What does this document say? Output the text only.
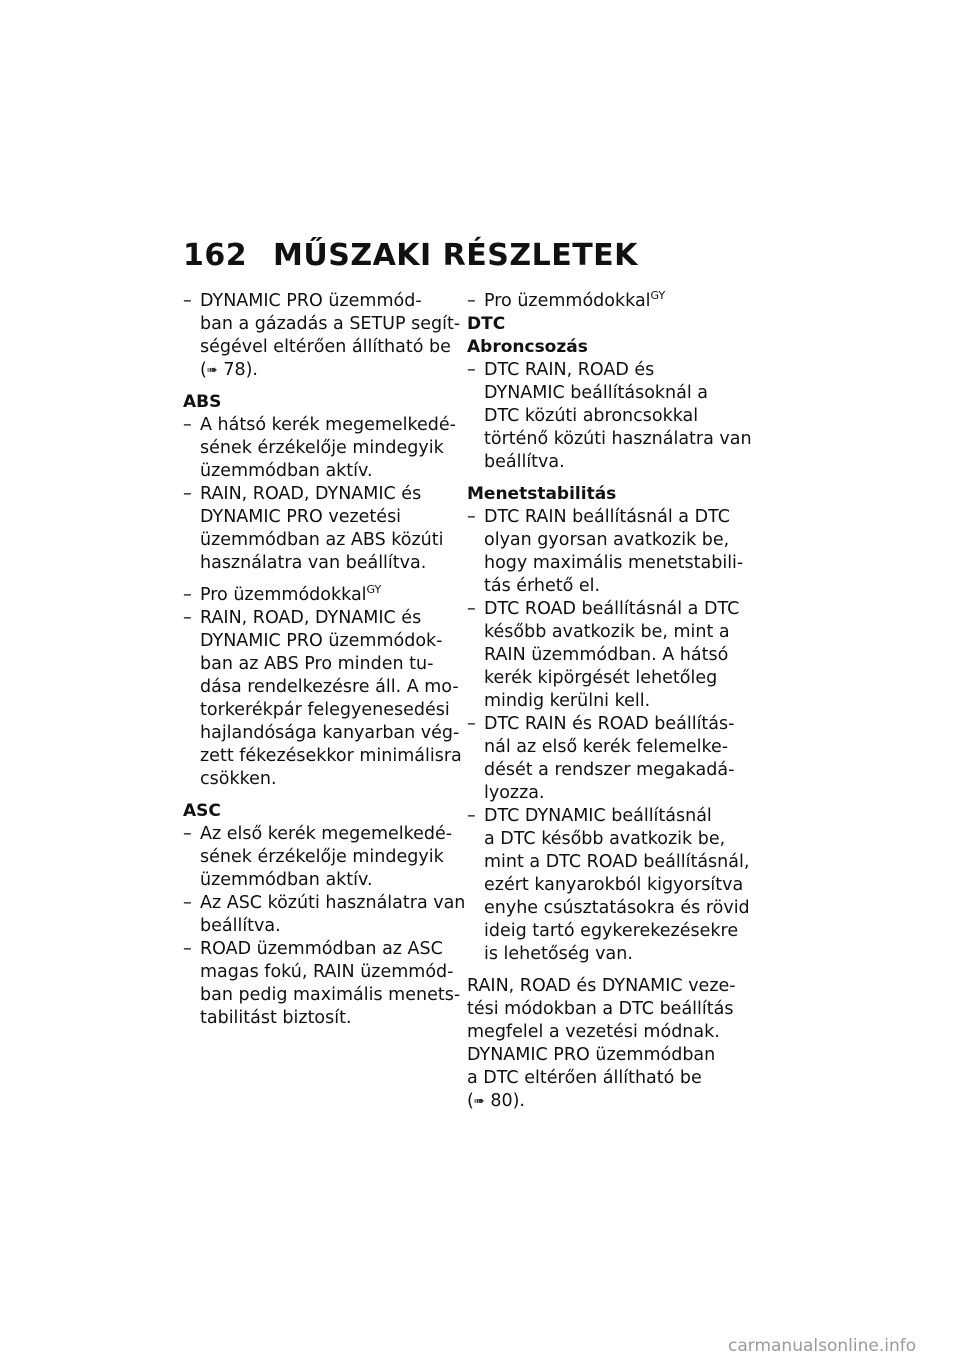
162 MŰSZAKI RÉSZLETEK
– DYNAMIC PRO üzemmód-
ban a gázadás a SETUP segít-
ségével eltérően állítható be
(➠ 78).

ABS

– A hátsó kerék megemelkedé-
sének érzékelője mindegyik
üzemmódban aktív.
– RAIN, ROAD, DYNAMIC és
DYNAMIC PRO vezetési
üzemmódban az ABS közúti
használatra van beállítva.
– Pro üzemmódokkal$^{GY}$
– RAIN, ROAD, DYNAMIC és
DYNAMIC PRO üzemmódok-
ban az ABS Pro minden tu-
dása rendelkezésre áll. A mo-
torkerékpár felegyenesedési
hajlandósága kanyarban vég-
zett fékezésekkor minimálisra
csökken.

ASC

– Az első kerék megemelkedé-
sének érzékelője mindegyik
üzemmódban aktív.
– Az ASC közúti használatra van
beállítva.
– ROAD üzemmódban az ASC
magas fokú, RAIN üzemmód-
ban pedig maximális menets-
tabilitást biztosít.
– Pro üzemmódokkal$^{GY}$

DTC

Abroncsozás

– DTC RAIN, ROAD és
DYNAMIC beállításoknál a
DTC közúti abroncsokkal
történő közúti használatra van
beállítva.

Menetstabilitás

– DTC RAIN beállításnál a DTC
olyan gyorsan avatkozik be,
hogy maximális menetstabili-
tás érhető el.
– DTC ROAD beállításnál a DTC
később avatkozik be, mint a
RAIN üzemmódban. A hátsó
kerék kipörgését lehetőleg
mindig kerülni kell.
– DTC RAIN és ROAD beállítás-
nál az első kerék felemelke-
dését a rendszer megakadá-
lyozza.
– DTC DYNAMIC beállításnál
a DTC később avatkozik be,
mint a DTC ROAD beállításnál,
ezért kanyarokból kigyorsítva
enyhe csúsztatásokra és rövid
ideig tartó egykerekezésekre
is lehetőség van.
RAIN, ROAD és DYNAMIC veze-
tési módokban a DTC beállítás
megfelel a vezetési módnak.
DYNAMIC PRO üzemmódban
a DTC eltérően állítható be
(➠ 80).
carmanualsonline.info
